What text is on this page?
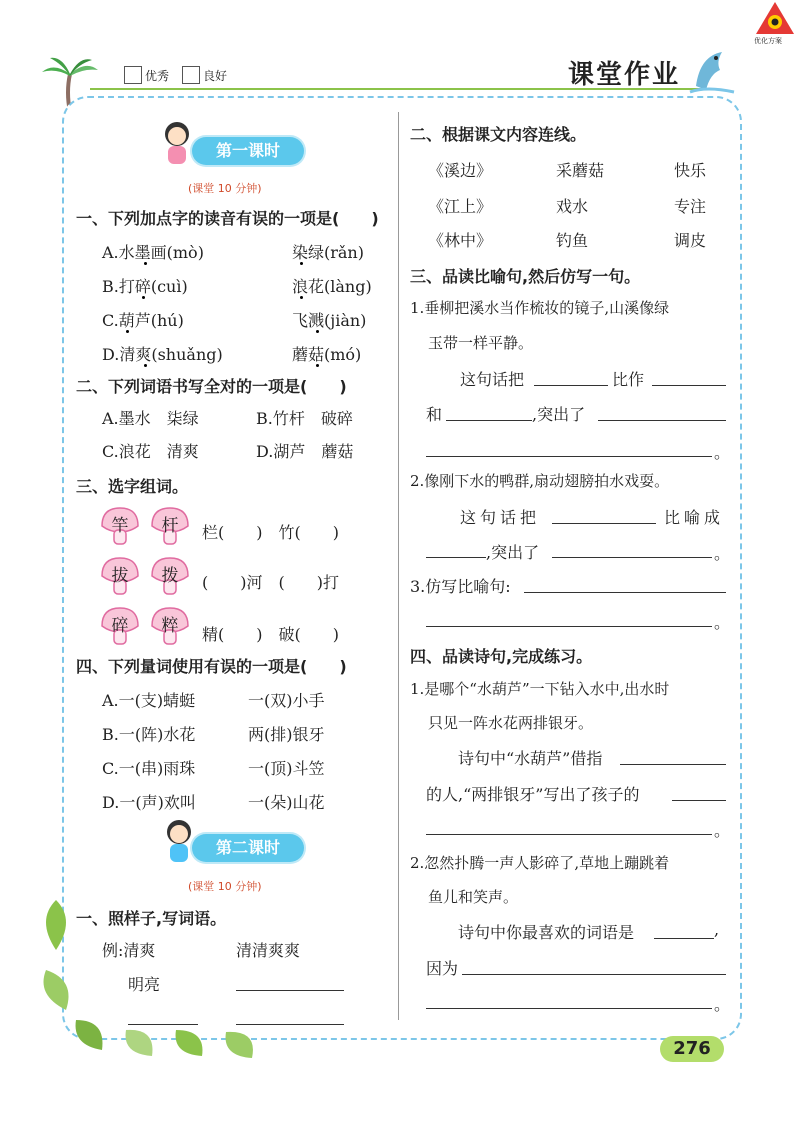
优化方案
优秀	良好	课堂作业
第一课时
(课堂 10 分钟)
一、下列加点字的读音有误的一项是(　　)
A.水墨画(mò)	染绿(rǎn)
B.打碎(cuì)	浪花(làng)
C.葫芦(hú)	飞溅(jiàn)
D.清爽(shuǎng)	蘑菇(mó)
二、下列词语书写全对的一项是(　　)
A.墨水　柒绿	B.竹杆　破碎
C.浪花　清爽	D.湖芦　蘑菇
三、选字组词。
竿	杆	栏(　　)　竹(　　)
拔	拨	(　　)河　(　　)打
碎	粹	精(　　)　破(　　)
四、下列量词使用有误的一项是(　　)
A.一(支)蜻蜓	一(双)小手
B.一(阵)水花	两(排)银牙
C.一(串)雨珠	一(顶)斗笠
D.一(声)欢叫	一(朵)山花
第二课时
(课堂 10 分钟)
一、照样子,写词语。
例:清爽	清清爽爽
明亮
二、根据课文内容连线。
《溪边》	采蘑菇	快乐
《江上》	戏水	专注
《林中》	钓鱼	调皮
三、品读比喻句,然后仿写一句。
1.垂柳把溪水当作梳妆的镜子,山溪像绿
玉带一样平静。
这句话把	比作
和	,突出了
。
2.像刚下水的鸭群,扇动翅膀拍水戏耍。
这句话把	比喻成
,突出了	。
3.仿写比喻句:
。
四、品读诗句,完成练习。
1.是哪个“水葫芦”一下钻入水中,出水时
只见一阵水花两排银牙。
诗句中“水葫芦”借指
的人,“两排银牙”写出了孩子的
。
2.忽然扑腾一声人影碎了,草地上蹦跳着
鱼儿和笑声。
诗句中你最喜欢的词语是	,
因为
。
276
